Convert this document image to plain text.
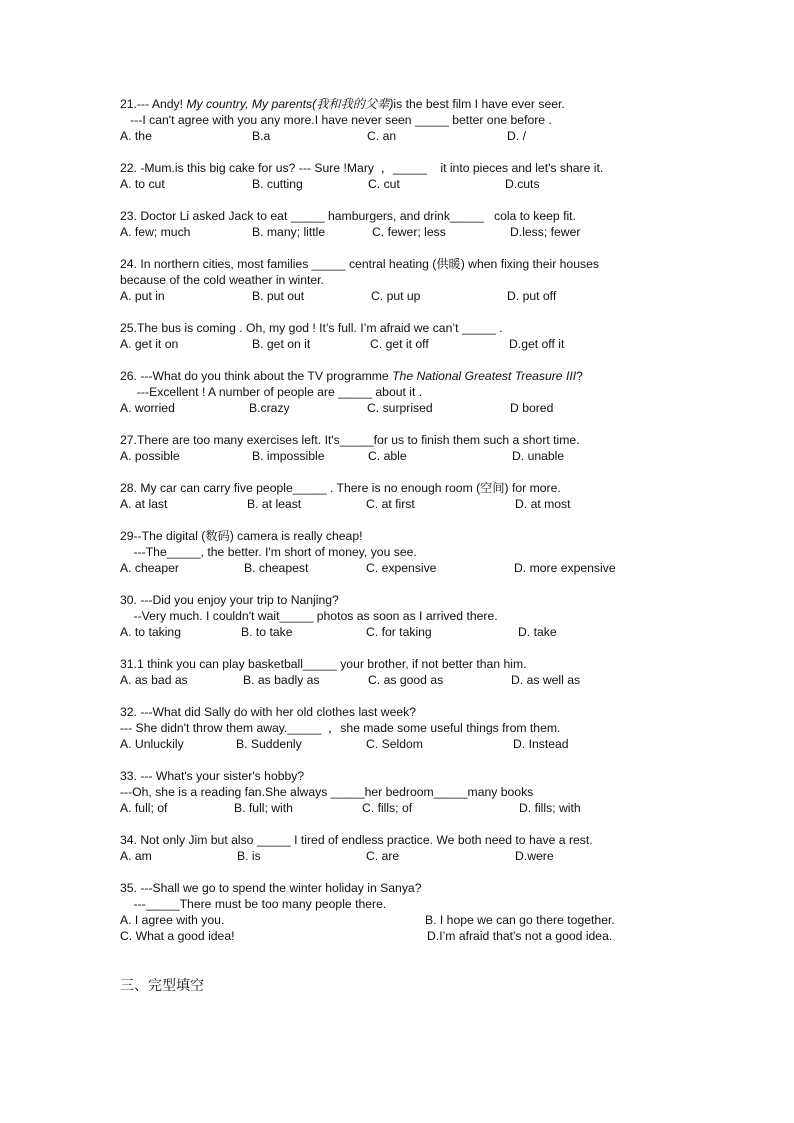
21.--- Andy! My country, My parents(我和我的父辈)is the best film I have ever seer.
---I can't agree with you any more.I have never seen _____ better one before .
A. the	B.a	C. an	D. /
22. -Mum.is this big cake for us? --- Sure !Mary  ，_____    it into pieces and let's share it.
A. to cut	B. cutting	C. cut	D.cuts
23. Doctor Li asked Jack to eat _____ hamburgers, and drink_____   cola to keep fit.
A. few; much	B. many; little	C. fewer; less	D.less; fewer
24. In northern cities, most families _____ central heating (供暖) when fixing their houses
because of the cold weather in winter.
A. put in	B. put out	C. put up	D. put off
25.The bus is coming . Oh, my god ! It’s full. I’m afraid we can’t _____ .
A. get it on	B. get on it	C. get it off	D.get off it
26. ---What do you think about the TV programme The National Greatest Treasure III?
---Excellent ! A number of people are _____ about it .
A. worried	B.crazy	C. surprised	D bored
27.There are too many exercises left. It's_____for us to finish them such a short time.
A. possible	B. impossible	C. able	D. unable
28. My car can carry five people_____ . There is no enough room (空间) for more.
A. at last	B. at least	C. at first	D. at most
29--The digital (数码) camera is really cheap!
---The_____, the better. I'm short of money, you see.
A. cheaper	B. cheapest	C. expensive	D. more expensive
30. ---Did you enjoy your trip to Nanjing?
--Very much. I couldn't wait_____ photos as soon as I arrived there.
A. to taking	B. to take	C. for taking	D. take
31.1 think you can play basketball_____ your brother, if not better than him.
A. as bad as	B. as badly as	C. as good as	D. as well as
32. ---What did Sally do with her old clothes last week?
--- She didn't throw them away._____  ，she made some useful things from them.
A. Unluckily	B. Suddenly	C. Seldom	D. Instead
33. --- What's your sister's hobby?
---Oh, she is a reading fan.She always _____her bedroom_____many books
A. full; of	B. full; with	C. fills; of	D. fills; with
34. Not only Jim but also _____ I tired of endless practice. We both need to have a rest.
A. am	B. is	C. are	D.were
35. ---Shall we go to spend the winter holiday in Sanya?
---_____There must be too many people there.
A. I agree with you.	B. I hope we can go there together.
C. What a good idea!	D.I’m afraid that's not a good idea.
三、完型填空
